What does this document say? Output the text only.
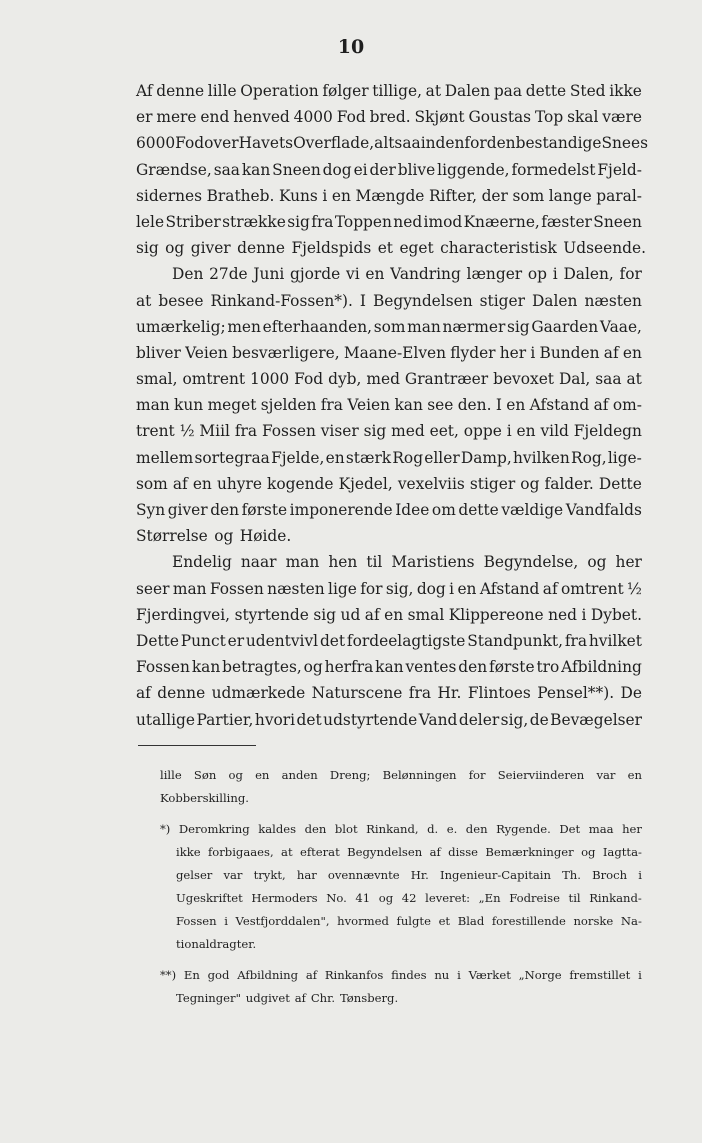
10
Af denne lille Operation følger tillige, at Dalen paa dette Sted ikke
er mere end henved 4000 Fod bred. Skjønt Goustas Top skal være
6000 Fod over Havets Overflade, altsaa indenfor den bestandige Snees
Grændse, saa kan Sneen dog ei der blive liggende, formedelst Fjeld-
sidernes Bratheb. Kuns i en Mængde Rifter, der som lange paral-
lele Striber strække sig fra Toppen ned imod Knæerne, fæster Sneen
sig og giver denne Fjeldspids et eget characteristisk Udseende.
Den 27de Juni gjorde vi en Vandring længer op i Dalen, for
at besee Rinkand-Fossen*). I Begyndelsen stiger Dalen næsten
umærkelig; men efterhaanden, som man nærmer sig Gaarden Vaae,
bliver Veien besværligere, Maane-Elven flyder her i Bunden af en
smal, omtrent 1000 Fod dyb, med Grantræer bevoxet Dal, saa at
man kun meget sjelden fra Veien kan see den. I en Afstand af om-
trent ½ Miil fra Fossen viser sig med eet, oppe i en vild Fjeldegn
mellem sortegraa Fjelde, en stærk Rog eller Damp, hvilken Rog, lige-
som af en uhyre kogende Kjedel, vexelviis stiger og falder. Dette
Syn giver den første imponerende Idee om dette vældige Vandfalds
Størrelse og Høide.
Endelig naar man hen til Maristiens Begyndelse, og her
seer man Fossen næsten lige for sig, dog i en Afstand af omtrent ½
Fjerdingvei, styrtende sig ud af en smal Klippereone ned i Dybet.
Dette Punct er udentvivl det fordeelagtigste Standpunkt, fra hvilket
Fossen kan betragtes, og herfra kan ventes den første tro Afbildning
af denne udmærkede Naturscene fra Hr. Flintoes Pensel**). De
utallige Partier, hvori det udstyrtende Vand deler sig, de Bevægelser
lille Søn og en anden Dreng; Belønningen for Seierviinderen var en
Kobberskilling.
*) Deromkring kaldes den blot Rinkand, d. e. den Rygende. Det maa her
ikke forbigaaes, at efterat Begyndelsen af disse Bemærkninger og Iagtta-
gelser var trykt, har ovennævnte Hr. Ingenieur-Capitain Th. Broch i
Ugeskriftet Hermoders No. 41 og 42 leveret: „En Fodreise til Rinkand-
Fossen i Vestfjorddalen", hvormed fulgte et Blad forestillende norske Na-
tionaldragter.
**) En god Afbildning af Rinkanfos findes nu i Værket „Norge fremstillet i
Tegninger" udgivet af Chr. Tønsberg.
